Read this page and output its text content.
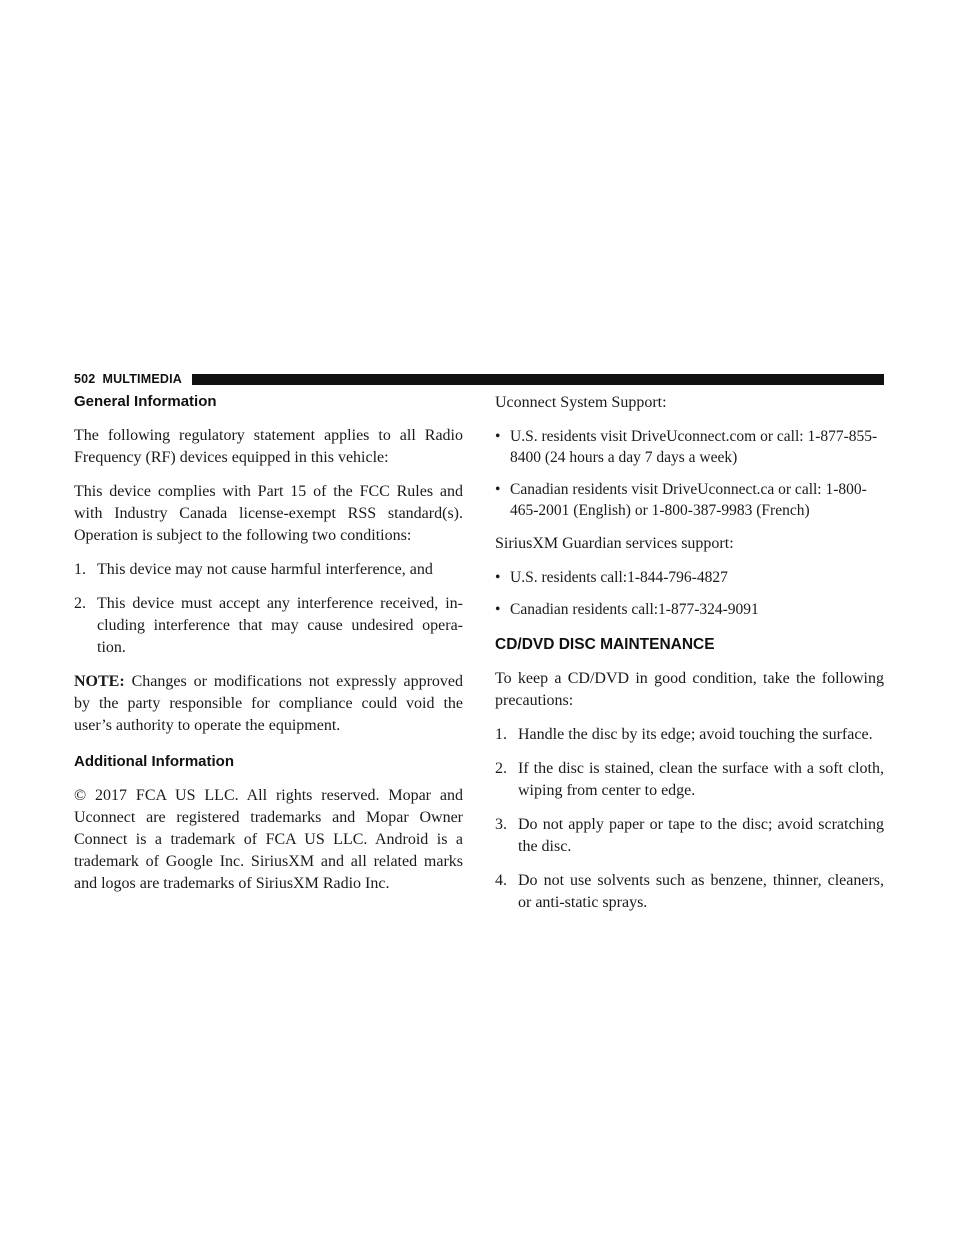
502 MULTIMEDIA
General Information

The following regulatory statement applies to all Radio Frequency (RF) devices equipped in this vehicle:

This device complies with Part 15 of the FCC Rules and with Industry Canada license-exempt RSS standard(s). Operation is subject to the following two conditions:

1. This device may not cause harmful interference, and
2. This device must accept any interference received, in-cluding interference that may cause undesired opera-tion.

NOTE: Changes or modifications not expressly approved by the party responsible for compliance could void the user’s authority to operate the equipment.

Additional Information

© 2017 FCA US LLC. All rights reserved. Mopar and Uconnect are registered trademarks and Mopar Owner Connect is a trademark of FCA US LLC. Android is a trademark of Google Inc. SiriusXM and all related marks and logos are trademarks of SiriusXM Radio Inc.

Uconnect System Support:

• U.S. residents visit DriveUconnect.com or call: 1-877-855-8400 (24 hours a day 7 days a week)
• Canadian residents visit DriveUconnect.ca or call: 1-800-465-2001 (English) or 1-800-387-9983 (French)

SiriusXM Guardian services support:

• U.S. residents call:1-844-796-4827
• Canadian residents call:1-877-324-9091
CD/DVD DISC MAINTENANCE

To keep a CD/DVD in good condition, take the following precautions:

1. Handle the disc by its edge; avoid touching the surface.
2. If the disc is stained, clean the surface with a soft cloth, wiping from center to edge.
3. Do not apply paper or tape to the disc; avoid scratching the disc.
4. Do not use solvents such as benzene, thinner, cleaners, or anti-static sprays.
